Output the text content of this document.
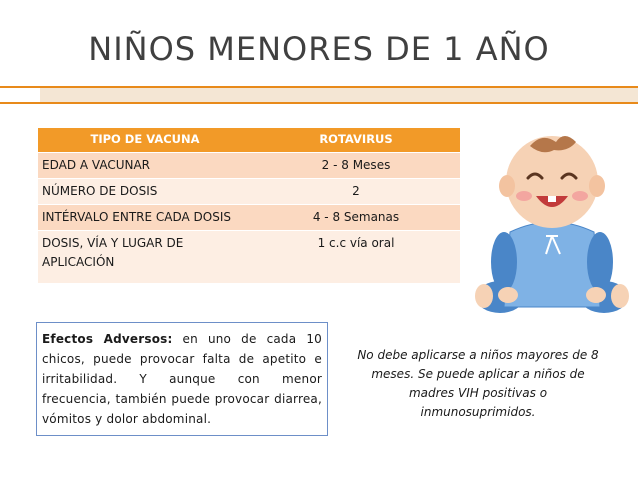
NIÑOS MENORES DE 1 AÑO
TIPO DE VACUNA	ROTAVIRUS
EDAD A VACUNAR	2 - 8 Meses
NÚMERO DE DOSIS	2
INTÉRVALO ENTRE CADA DOSIS	4 - 8 Semanas
DOSIS, VÍA Y LUGAR DE APLICACIÓN	1 c.c vía oral
Efectos Adversos: en uno de cada 10 chicos, puede provocar falta de apetito e irritabilidad. Y aunque con menor frecuencia, también puede provocar diarrea, vómitos y dolor abdominal.
No debe aplicarse a niños mayores de 8 meses. Se puede aplicar a niños de madres VIH positivas o inmunosuprimidos.
